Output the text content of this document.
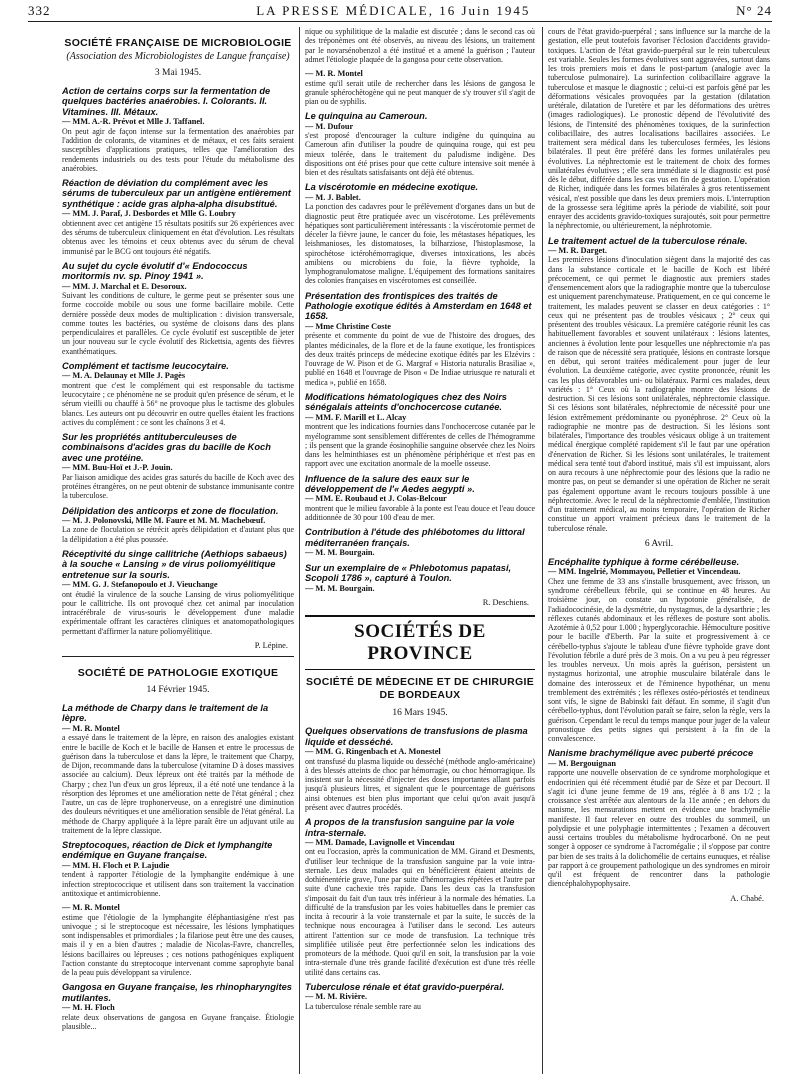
332	LA PRESSE MÉDICALE, 16 Juin 1945	N° 24

SOCIÉTÉ FRANÇAISE DE MICROBIOLOGIE

(Association des Microbiologistes de Langue française)

3 Mai 1945.

Action de certains corps sur la fermentation de quelques bactéries anaérobies. I. Colorants. II. Vitamines. III. Métaux.

— MM. A.-R. Prévot et Mlle J. Taffanel.

On peut agir de façon intense sur la fermentation des anaérobies par l'addition de colorants, de vitamines et de métaux, et ces faits seraient susceptibles d'applications pratiques, telles que l'amélioration des rendements industriels ou des tests pour l'étude du métabolisme des anaérobies.

Réaction de déviation du complément avec les sérums de tuberculeux par un antigène entièrement synthétique : acide gras alpha-alpha disubstitué.

— MM. J. Paraf, J. Desbordes et Mlle G. Loubry

obtiennent avec cet antigène 15 résultats positifs sur 26 expériences avec des sérums de tuberculeux cliniquement en état d'évolution. Les résultats obtenus avec les témoins et ceux obtenus avec du sérum de cheval immunisé par le BCG ont toujours été négatifs.

Au sujet du cycle évolutif d'« Endococcus moritormis nv. sp. Pinoy 1941 ».

— MM. J. Marchal et E. Desoroux.

Suivant les conditions de culture, le germe peut se présenter sous une forme coccoïde mobile ou sous une forme bacillaire mobile. Cette dernière possède deux modes de multiplication : division transversale, comme toutes les bactéries, ou système de cloisons dans des plans perpendiculaires et parallèles. Ce cycle évolutif est susceptible de jeter un jour nouveau sur le cycle évolutif des Rickettsia, agents des fièvres exanthématiques.

Complément et tactisme leucocytaire.

— M. A. Delaunay et Mlle J. Pagès

montrent que c'est le complément qui est responsable du tactisme leucocytaire ; ce phénomène ne se produit qu'en présence de sérum, et le sérum vieilli ou chauffé à 56° ne provoque plus le tactisme des globules blancs. Les auteurs ont pu découvrir en outre quelles étaient les fractions actives du complément : ce sont les chaînons 3 et 4.

Sur les propriétés antituberculeuses de combinaisons d'acides gras du bacille de Koch avec une protéine.

— MM. Buu-Hoï et J.-P. Jouin.

Par liaison amidique des acides gras saturés du bacille de Koch avec des protéines étrangères, on ne peut obtenir de substance immunisante contre la tuberculose.

Délipidation des anticorps et zone de floculation.

— M. J. Polonovski, Mlle M. Faure et M. M. Machebœuf.

La zone de floculation se rétrécit après délipidation et d'autant plus que la délipidation a été plus poussée.

Réceptivité du singe callitriche (Aethiops sabaeus) à la souche « Lansing » de virus poliomyélitique entretenue sur la souris.

— MM. G. J. Stefanopoulo et J. Vieuchange

ont étudié la virulence de la souche Lansing de virus poliomyélitique pour le callitriche. Ils ont provoqué chez cet animal par inoculation intracérébrale de virus-souris le développement d'une maladie expérimentale offrant les caractères cliniques et anatomopathologiques permettant d'affirmer la nature poliomyélitique.

P. Lépine.

SOCIÉTÉ DE PATHOLOGIE EXOTIQUE

14 Février 1945.

La méthode de Charpy dans le traitement de la lèpre.

— M. R. Montel

a essayé dans le traitement de la lèpre, en raison des analogies existant entre le bacille de Koch et le bacille de Hansen et entre le processus de guérison dans la tuberculose et dans la lèpre, le traitement que Charpy, de Dijon, recommande dans la tuberculose (vitamine D à doses massives associée au calcium). Deux lépreux ont été traités par la méthode de Charpy ; chez l'un d'eux un gros lépreux, il a été noté une tendance à la résorption des lépromes et une amélioration nette de l'état général ; chez l'autre, un cas de lèpre trophonerveuse, on a enregistré une diminution des douleurs névritiques et une amélioration sensible de l'état général. La méthode de Charpy appliquée à la lèpre paraît être un adjuvant utile au traitement de la lèpre classique.

Streptocoques, réaction de Dick et lymphangite endémique en Guyane française.

— MM. H. Floch et P. Lajudie

tendent à rapporter l'étiologie de la lymphangite endémique à une infection streptococcique et utilisent dans son traitement la vaccination antitoxique et antimicrobienne.

— M. R. Montel

estime que l'étiologie de la lymphangite éléphantiasigène n'est pas univoque ; si le streptocoque est nécessaire, les lésions lymphatiques sont indispensables et primordiales ; la filariose peut être une des causes, mais il y en a bien d'autres ; maladie de Nicolas-Favre, chancrelles, lésions bacillaires ou lépreuses ; ces notions pathogéniques expliquent l'action constante du streptocoque intervenant comme saprophyte banal de la peau puis développant sa virulence.

Gangosa en Guyane française, les rhinopharyngites mutilantes.

— M. H. Floch

relate deux observations de gangosa en Guyane française. Étiologie plausible...

nique ou syphilitique de la maladie est discutée ; dans le second cas où des tréponèmes ont été observés, au niveau des lésions, un traitement par le novarsénobenzol a été institué et a amené la guérison ; l'auteur admet l'étiologie plaquée de la gangosa pour cette observation.

— M. R. Montel

estime qu'il serait utile de rechercher dans les lésions de gangosa le granule sphérochètogène qui ne peut manquer de s'y trouver s'il s'agit de pian ou de syphilis.

Le quinquina au Cameroun.

— M. Dufour

s'est proposé d'encourager la culture indigène du quinquina au Cameroun afin d'utiliser la poudre de quinquina rouge, qui est peu mieux tolérée, dans le traitement du paludisme indigène. Des dispositions ont été prises pour que cette culture intensive soit menée à bien et des résultats satisfaisants ont déjà été obtenus.

La viscérotomie en médecine exotique.

— M. J. Bablet.

La ponction des cadavres pour le prélèvement d'organes dans un but de diagnostic peut être pratiquée avec un viscérotome. Les prélèvements hépatiques sont particulièrement intéressants : la viscérotomie permet de déceler la fièvre jaune, le cancer du foie, les métastases hépatiques, les leishmanioses, les distomatoses, la bilharziose, l'histoplasmose, la spirochétose ictérohémorragique, diverses intoxications, les abcès amibiens ou microbiens du foie, la fièvre typhoïde, la lymphogranulomatose maligne. L'équipement des formations sanitaires des colonies françaises en viscérotomes est conseillée.

Présentation des frontispices des traités de Pathologie exotique édités à Amsterdam en 1648 et 1658.

— Mme Christine Coste

présente et commente du point de vue de l'histoire des drogues, des plantes médicinales, de la flore et de la faune exotique, les frontispices des deux traités princeps de médecine exotique édités par les Elzévirs : l'ouvrage de W. Pison et de G. Margraf « Historia naturalis Brasiliae », publié en 1648 et l'ouvrage de Pison « De Indiae utriusque re naturali et medica », publié en 1658.

Modifications hématologiques chez des Noirs sénégalais atteints d'onchocercose cutanée.

— MM. F. Marill et L. Alcay

montrent que les indications fournies dans l'onchocercose cutanée par le myélogramme sont sensiblement différentes de celles de l'hémogramme ; ils pensent que la grande éosinophilie sanguine observée chez les Noirs dans les helminthiases est un phénomène périphérique et n'est pas en rapport avec une excitation anormale de la moelle osseuse.

Influence de la salure des eaux sur le développement de l'« Aedes aegypti ».

— MM. E. Roubaud et J. Colas-Belcour

montrent que le milieu favorable à la ponte est l'eau douce et l'eau douce additionnée de 30 pour 100 d'eau de mer.

Contribution à l'étude des phlébotomes du littoral méditerranéen français.

— M. M. Bourgain.

Sur un exemplaire de « Phlebotomus papatasi, Scopoli 1786 », capturé à Toulon.

— M. M. Bourgain.

R. Deschiens.

SOCIÉTÉS DE PROVINCE

SOCIÉTÉ DE MÉDECINE ET DE CHIRURGIE DE BORDEAUX

16 Mars 1945.

Quelques observations de transfusions de plasma liquide et desséché.

— MM. G. Ringenbach et A. Monestel

ont transfusé du plasma liquide ou desséché (méthode anglo-américaine) à des blessés atteints de choc par hémorragie, ou choc hémorragique. Ils insistent sur la nécessité d'injecter des doses importantes allant parfois jusqu'à plusieurs litres, et signalent que le pourcentage de guérisons ainsi obtenues est bien plus important que celui qu'on avait jusqu'à présent avec d'autres procédés.

A propos de la transfusion sanguine par la voie intra-sternale.

— MM. Damade, Lavignolle et Vincendau

ont eu l'occasion, après la communication de MM. Girand et Desments, d'utiliser leur technique de la transfusion sanguine par la voie intra-sternale. Les deux malades qui en bénéficièrent étaient atteints de dothiénentérie grave, l'une par suite d'hémorragies répétées et l'autre par suite d'une cachexie très rapide. Dans les deux cas la transfusion s'imposait du fait d'un taux très inférieur à la normale des hématies. La difficulté de la transfusion par les voies habituelles dans le premier cas incita à recourir à la voie transternale et par la suite, le succès de la technique nous encouragea à l'utiliser dans le second. Les auteurs attirent l'attention sur ce mode de transfusion. La technique très simplifiée utilisée peut être perfectionnée selon les indications des promoteurs de la méthode. Quoi qu'il en soit, la transfusion par la voie intra-sternale d'une très grande facilité d'exécution est d'une très réelle utilité dans certains cas.

Tuberculose rénale et état gravido-puerpéral.

— M. M. Rivière.

La tuberculose rénale semble rare au

cours de l'état gravido-puerpéral ; sans influence sur la marche de la gestation, elle peut toutefois favoriser l'éclosion d'accidents gravido-toxiques. L'action de l'état gravido-puerpéral sur le rein tuberculeux est variable. Seules les formes évolutives sont aggravées, surtout dans les trois premiers mois et dans le post-partum (analogie avec la tuberculose pulmonaire). La surinfection colibacillaire aggrave la tuberculose et masque le diagnostic ; celui-ci est parfois gêné par les déformations vésicales provoquées par la gestation (dilatation urétérale, dilatation de l'uretère et par les déformations des urètres (images radiologiques). Le pronostic dépend de l'évolutivité des lésions, de l'intensité des phénomènes toxiques, de la surinfection colibacillaire, des autres localisations bacillaires associées. Le traitement sera médical dans les tuberculoses fermées, les lésions bilatérales. Il peut être préféré dans les formes unilatérales peu évolutives. La néphrectomie est le traitement de choix des formes unilatérales évolutives ; elle sera immédiate si le diagnostic est posé dès le début, différée dans les cas vus en fin de gestation. L'opération de Richer, indiquée dans les formes bilatérales à gros retentissement vésical, n'est possible que dans les deux premiers mois. L'interruption de la grossesse sera légitime après la période de viabilité, soit pour enrayer des accidents gravido-toxiques surajoutés, soit pour permettre la néphrectomie, ou ultérieurement, la néphrotomie.

Le traitement actuel de la tuberculose rénale.

— M. R. Darget.

Les premières lésions d'inoculation siègent dans la majorité des cas dans la substance corticale et le bacille de Koch est libéré précocement, ce qui permet le diagnostic aux premiers stades d'ensemencement alors que la radiographie montre que la tuberculose est uniquement parenchymateuse. Pratiquement, en ce qui concerne le traitement, les malades peuvent se classer en deux catégories : 1° ceux qui ne présentent pas de troubles vésicaux ; 2° ceux qui présentent des troubles vésicaux. La première catégorie réunit les cas habituellement favorables et souvent unilatéraux : lésions latentes, anciennes à évolution lente pour lesquelles une néphrectomie n'a pas de raison que de nécessité sera pratiquée, lésions en contraste lorsque en début, qui seront traitées médicalement pour juger de leur évolution. La deuxième catégorie, avec cystite prononcée, réunit les cas les plus défavorables uni- ou bilatéraux. Parmi ces malades, deux variétés : 1° Ceux où la radiographie montre des lésions de destruction. Si ces lésions sont unilatérales, néphrectomie classique. Si ces lésions sont bilatérales, néphrectomie de nécessité pour une lésion extrêmement prédominante ou pyonéphrose. 2° Ceux où la radiographie ne montre pas de destruction. Si les lésions sont bilatérales, l'importance des troubles vésicaux oblige à un traitement médical énergique complété rapidement s'il le faut par une opération d'énervation de Richer. Si les lésions sont unilatérales, le traitement médical sera tenté tout d'abord institué, mais s'il est impuissant, alors on aura recours à une néphrectomie pour des lésions que la radio ne montre pas, on peut se demander si une opération de Richer ne serait pas également opportune avant le recours toujours possible à une néphrectomie. Avec le recul de la néphrectomie d'emblée, l'institution d'un traitement médical, au moins temporaire, l'opération de Richer constitue un apport vraiment précieux dans le traitement de la tuberculose rénale.

6 Avril.

Encéphalite typhique à forme cérébelleuse.

— MM. Ingelrié, Mommayou, Pelletier et Vincendeau.

Chez une femme de 33 ans s'installe brusquement, avec frisson, un syndrome cérébelleux fébrile, qui se continue en 48 heures. Au troisième jour, on constate un hypotonie généralisée, de l'adiadococinésie, de la dysmétrie, du nystagmus, de la dysarthrie ; les réflexes cutanés abdominaux et les réflexes de posture sont abolis. Azotémie à 0,52 pour 1.000 ; hyperglycorachie. Hémoculture positive pour le bacille d'Eberth. Par la suite et progressivement à ce cérébello-typhus s'ajoute le tableau d'une fièvre typhoïde grave dont l'évolution fébrile a duré près de 3 mois. On a vu peu à peu régresser les troubles nerveux. Un mois après la guérison, persistent un nystagmus horizontal, une atrophie musculaire bilatérale dans le domaine des interosseux et de l'éminence hypothénar, un menu tremblement des extrémités ; les réflexes ostéo-périostés et tendineux sont vifs, le signe de Babinski fait défaut. En somme, il s'agit d'un cérébello-typhus, dont l'évolution paraît se faire, selon la règle, vers la guérison. Cependant le recul du temps manque pour juger de la valeur pronostique des petits signes qui persistent à la fin de la convalescence.

Nanisme brachymélique avec puberté précoce

— M. Bergouignan

rapporte une nouvelle observation de ce syndrome morphologique et endocrinien qui été récemment étudié par de Sèze et par Decourt. Il s'agit ici d'une jeune femme de 19 ans, réglée à 8 ans 1/2 ; la croissance s'est arrêtée aux alentours de la 11e année ; en dehors du nanisme, les mensurations mettent en évidence une brachymélie manifeste. Il faut relever en outre des troubles du sommeil, un polydipsie et une polyphagie intermittentes ; l'examen a découvert aussi certains troubles du métabolisme hydrocarboné. On ne peut songer à opposer ce syndrome à l'acromégalie ; il s'oppose par contre par bien de ses traits à la dolichomélie de certains eunuques, et réalise par rapport à ce groupement pathologique un des syndromes en miroir qu'il est fréquent de rencontrer dans la pathologie diencéphalohypophysaire.

A. Chabé.
